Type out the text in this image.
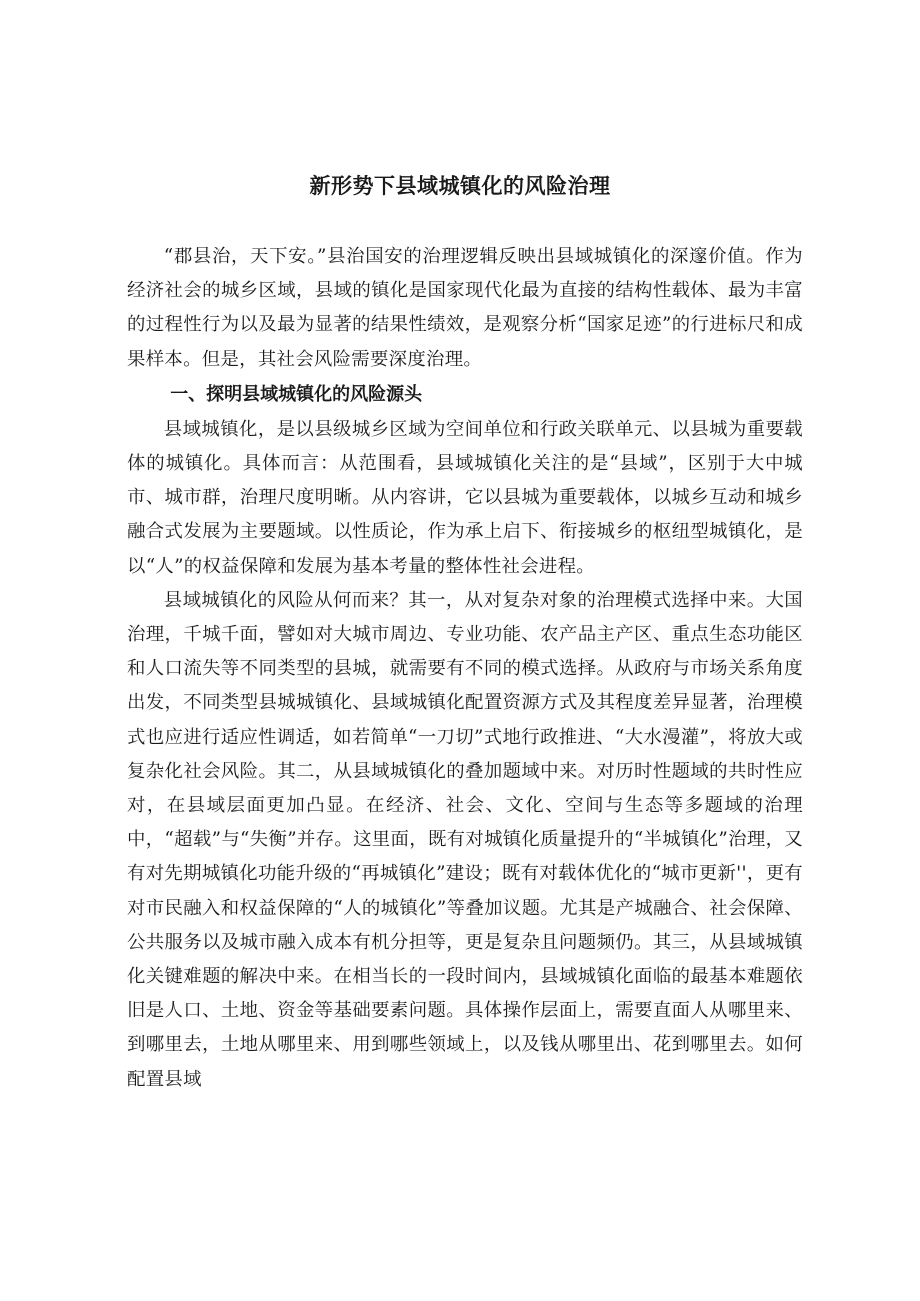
新形势下县域城镇化的风险治理

“郡县治，天下安。”县治国安的治理逻辑反映出县域城镇化的深邃价值。作为经济社会的城乡区域，县域的镇化是国家现代化最为直接的结构性载体、最为丰富的过程性行为以及最为显著的结果性绩效，是观察分析“国家足迹”的行进标尺和成果样本。但是，其社会风险需要深度治理。

一、探明县域城镇化的风险源头

县域城镇化，是以县级城乡区域为空间单位和行政关联单元、以县城为重要载体的城镇化。具体而言：从范围看，县域城镇化关注的是“县域”，区别于大中城市、城市群，治理尺度明晰。从内容讲，它以县城为重要载体，以城乡互动和城乡融合式发展为主要题域。以性质论，作为承上启下、衔接城乡的枢纽型城镇化，是以“人”的权益保障和发展为基本考量的整体性社会进程。

县域城镇化的风险从何而来？其一，从对复杂对象的治理模式选择中来。大国治理，千城千面，譬如对大城市周边、专业功能、农产品主产区、重点生态功能区和人口流失等不同类型的县城，就需要有不同的模式选择。从政府与市场关系角度出发，不同类型县城城镇化、县域城镇化配置资源方式及其程度差异显著，治理模式也应进行适应性调适，如若简单“一刀切”式地行政推进、“大水漫灌”，将放大或复杂化社会风险。其二，从县域城镇化的叠加题域中来。对历时性题域的共时性应对，在县域层面更加凸显。在经济、社会、文化、空间与生态等多题域的治理中，“超载”与“失衡”并存。这里面，既有对城镇化质量提升的“半城镇化”治理，又有对先期城镇化功能升级的“再城镇化”建设；既有对载体优化的“城市更新''，更有对市民融入和权益保障的“人的城镇化”等叠加议题。尤其是产城融合、社会保障、公共服务以及城市融入成本有机分担等，更是复杂且问题频仍。其三，从县域城镇化关键难题的解决中来。在相当长的一段时间内，县域城镇化面临的最基本难题依旧是人口、土地、资金等基础要素问题。具体操作层面上，需要直面人从哪里来、到哪里去，土地从哪里来、用到哪些领域上，以及钱从哪里出、花到哪里去。如何配置县域
